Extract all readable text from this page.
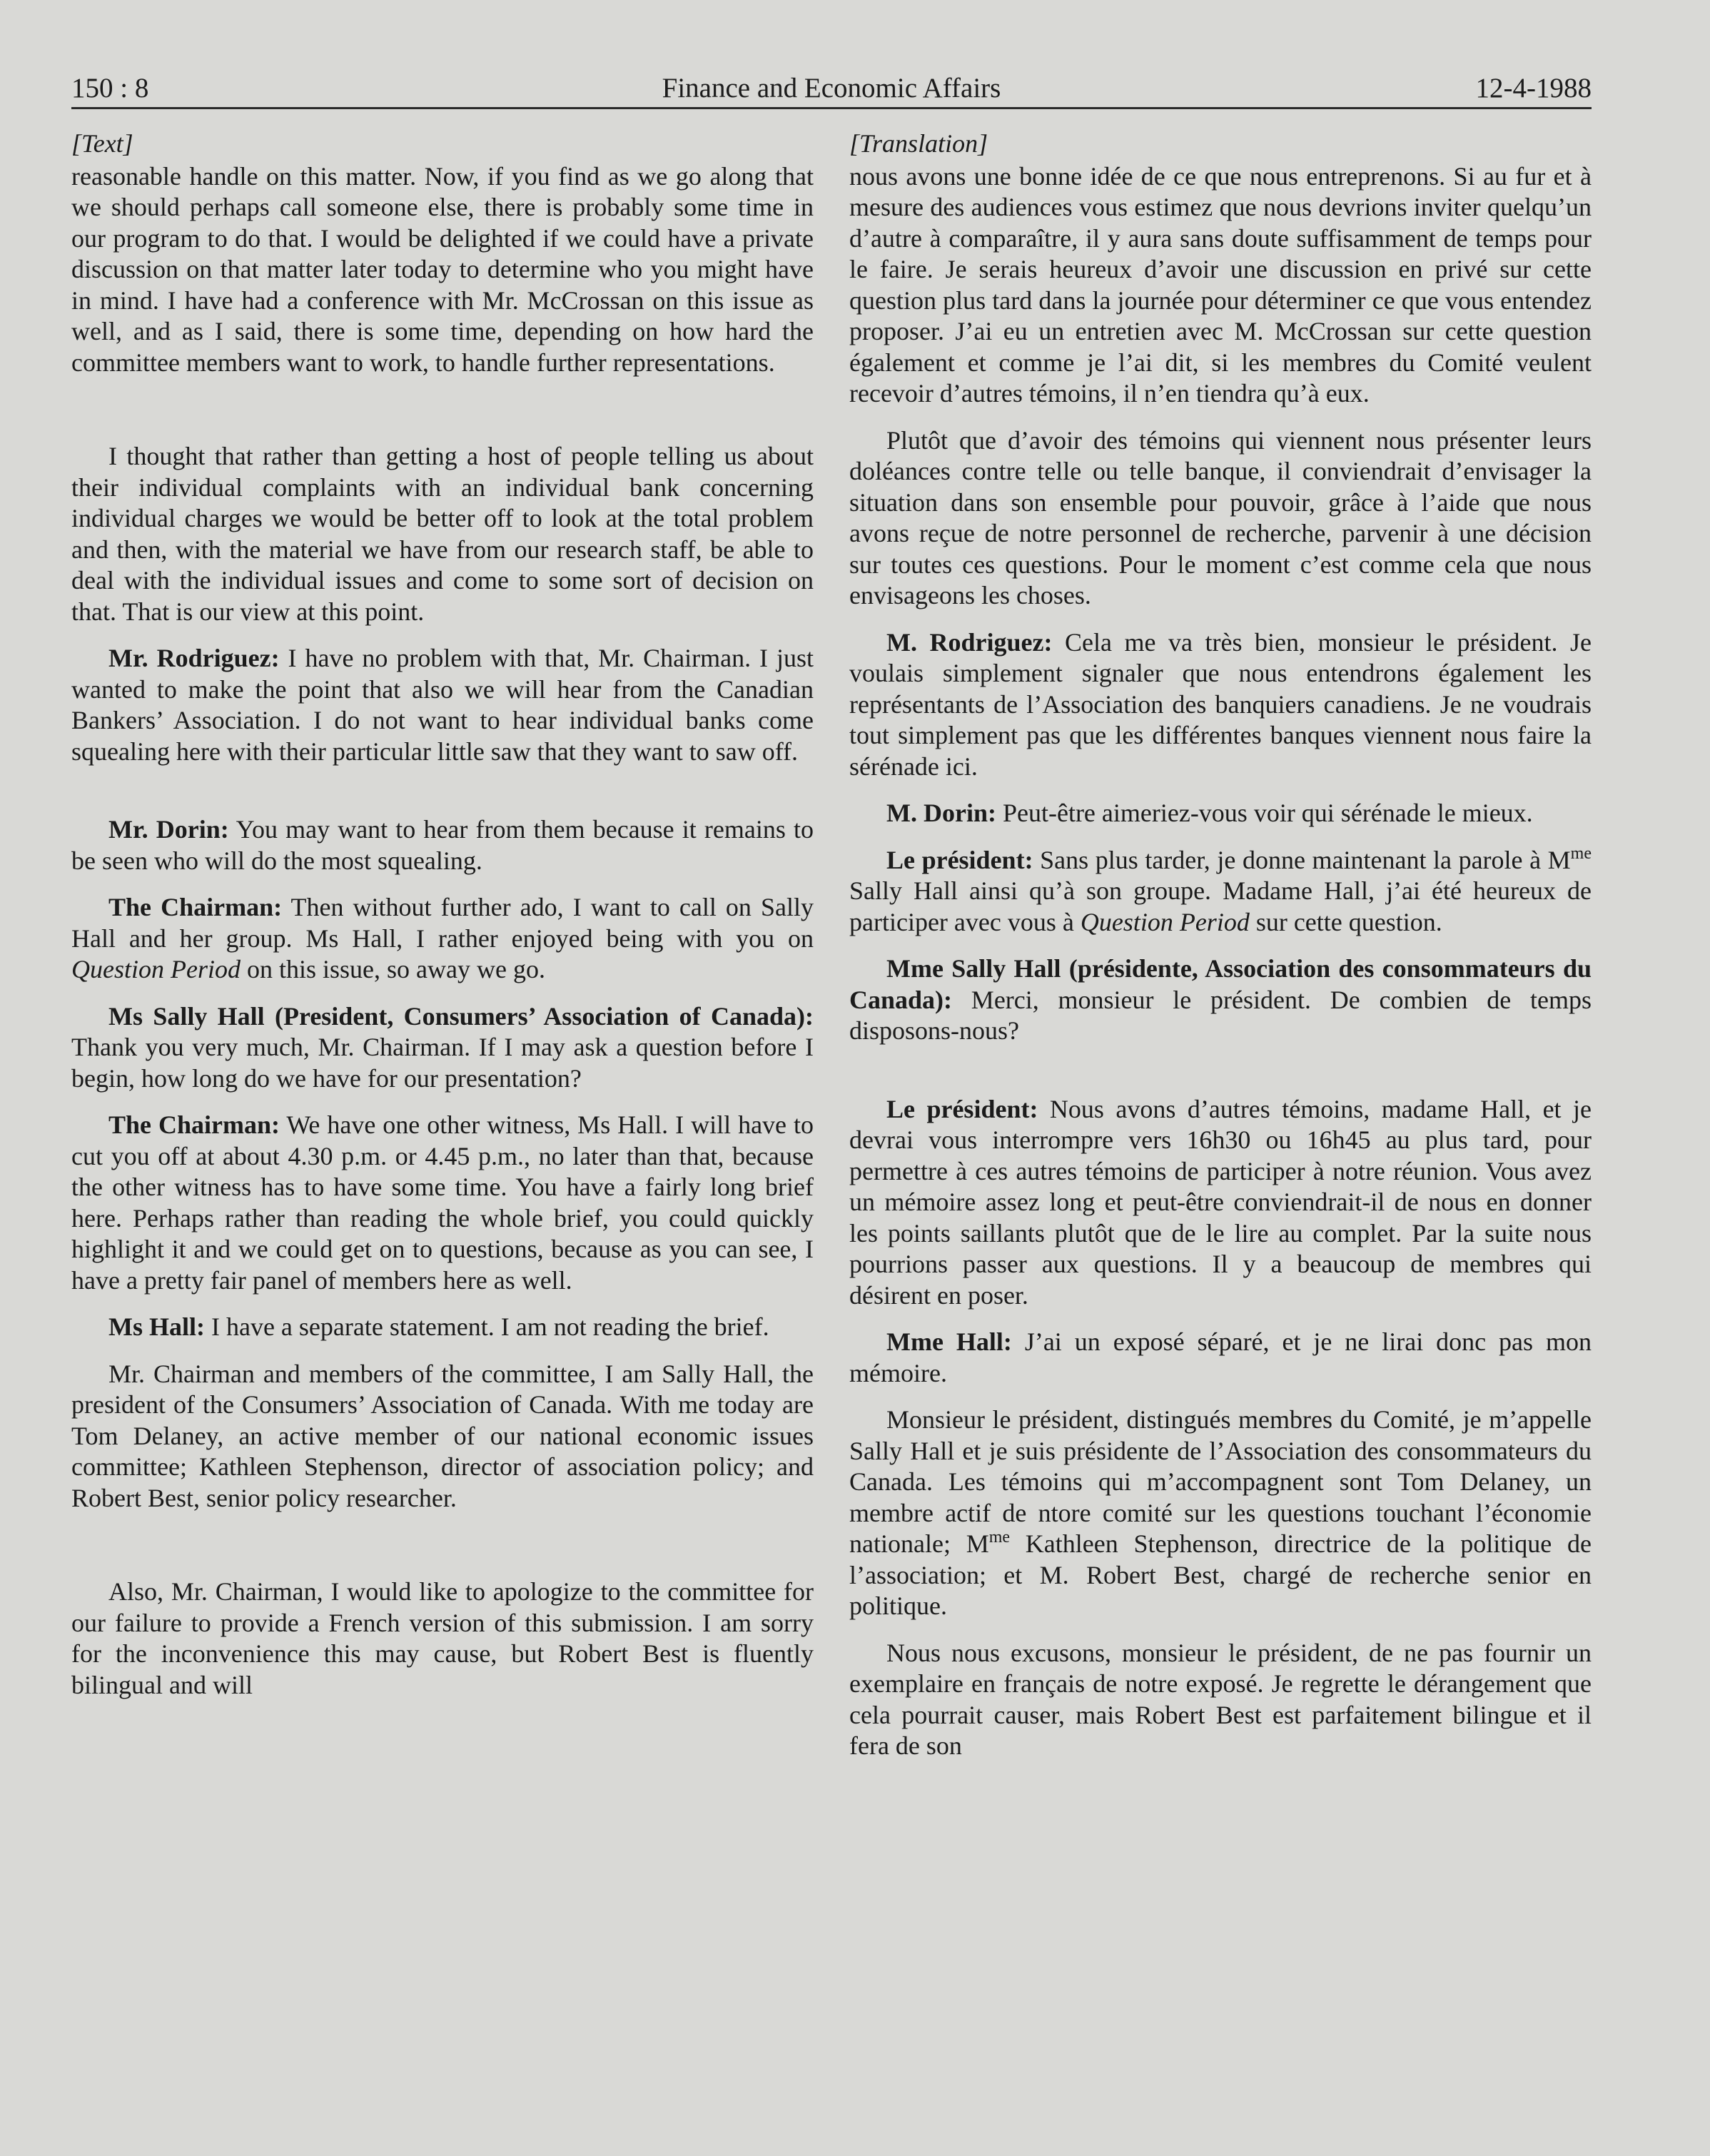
150 : 8	Finance and Economic Affairs	12-4-1988

[Text]

reasonable handle on this matter. Now, if you find as we go along that we should perhaps call someone else, there is probably some time in our program to do that. I would be delighted if we could have a private discussion on that matter later today to determine who you might have in mind. I have had a conference with Mr. McCrossan on this issue as well, and as I said, there is some time, depending on how hard the committee members want to work, to handle further representations.

I thought that rather than getting a host of people telling us about their individual complaints with an individual bank concerning individual charges we would be better off to look at the total problem and then, with the material we have from our research staff, be able to deal with the individual issues and come to some sort of decision on that. That is our view at this point.

Mr. Rodriguez: I have no problem with that, Mr. Chairman. I just wanted to make the point that also we will hear from the Canadian Bankers’ Association. I do not want to hear individual banks come squealing here with their particular little saw that they want to saw off.

Mr. Dorin: You may want to hear from them because it remains to be seen who will do the most squealing.

The Chairman: Then without further ado, I want to call on Sally Hall and her group. Ms Hall, I rather enjoyed being with you on Question Period on this issue, so away we go.

Ms Sally Hall (President, Consumers’ Association of Canada): Thank you very much, Mr. Chairman. If I may ask a question before I begin, how long do we have for our presentation?

The Chairman: We have one other witness, Ms Hall. I will have to cut you off at about 4.30 p.m. or 4.45 p.m., no later than that, because the other witness has to have some time. You have a fairly long brief here. Perhaps rather than reading the whole brief, you could quickly highlight it and we could get on to questions, because as you can see, I have a pretty fair panel of members here as well.

Ms Hall: I have a separate statement. I am not reading the brief.

Mr. Chairman and members of the committee, I am Sally Hall, the president of the Consumers’ Association of Canada. With me today are Tom Delaney, an active member of our national economic issues committee; Kathleen Stephenson, director of association policy; and Robert Best, senior policy researcher.

Also, Mr. Chairman, I would like to apologize to the committee for our failure to provide a French version of this submission. I am sorry for the inconvenience this may cause, but Robert Best is fluently bilingual and will

[Translation]

nous avons une bonne idée de ce que nous entreprenons. Si au fur et à mesure des audiences vous estimez que nous devrions inviter quelqu’un d’autre à comparaître, il y aura sans doute suffisamment de temps pour le faire. Je serais heureux d’avoir une discussion en privé sur cette question plus tard dans la journée pour déterminer ce que vous entendez proposer. J’ai eu un entretien avec M. McCrossan sur cette question également et comme je l’ai dit, si les membres du Comité veulent recevoir d’autres témoins, il n’en tiendra qu’à eux.

Plutôt que d’avoir des témoins qui viennent nous présenter leurs doléances contre telle ou telle banque, il conviendrait d’envisager la situation dans son ensemble pour pouvoir, grâce à l’aide que nous avons reçue de notre personnel de recherche, parvenir à une décision sur toutes ces questions. Pour le moment c’est comme cela que nous envisageons les choses.

M. Rodriguez: Cela me va très bien, monsieur le président. Je voulais simplement signaler que nous entendrons également les représentants de l’Association des banquiers canadiens. Je ne voudrais tout simplement pas que les différentes banques viennent nous faire la sérénade ici.

M. Dorin: Peut-être aimeriez-vous voir qui sérénade le mieux.

Le président: Sans plus tarder, je donne maintenant la parole à $M^{me}$ Sally Hall ainsi qu’à son groupe. Madame Hall, j’ai été heureux de participer avec vous à Question Period sur cette question.

Mme Sally Hall (présidente, Association des consommateurs du Canada): Merci, monsieur le président. De combien de temps disposons-nous?

Le président: Nous avons d’autres témoins, madame Hall, et je devrai vous interrompre vers 16h30 ou 16h45 au plus tard, pour permettre à ces autres témoins de participer à notre réunion. Vous avez un mémoire assez long et peut-être conviendrait-il de nous en donner les points saillants plutôt que de le lire au complet. Par la suite nous pourrions passer aux questions. Il y a beaucoup de membres qui désirent en poser.

Mme Hall: J’ai un exposé séparé, et je ne lirai donc pas mon mémoire.

Monsieur le président, distingués membres du Comité, je m’appelle Sally Hall et je suis présidente de l’Association des consommateurs du Canada. Les témoins qui m’accompagnent sont Tom Delaney, un membre actif de ntore comité sur les questions touchant l’économie nationale; $M^{me}$ Kathleen Stephenson, directrice de la politique de l’association; et M. Robert Best, chargé de recherche senior en politique.

Nous nous excusons, monsieur le président, de ne pas fournir un exemplaire en français de notre exposé. Je regrette le dérangement que cela pourrait causer, mais Robert Best est parfaitement bilingue et il fera de son
